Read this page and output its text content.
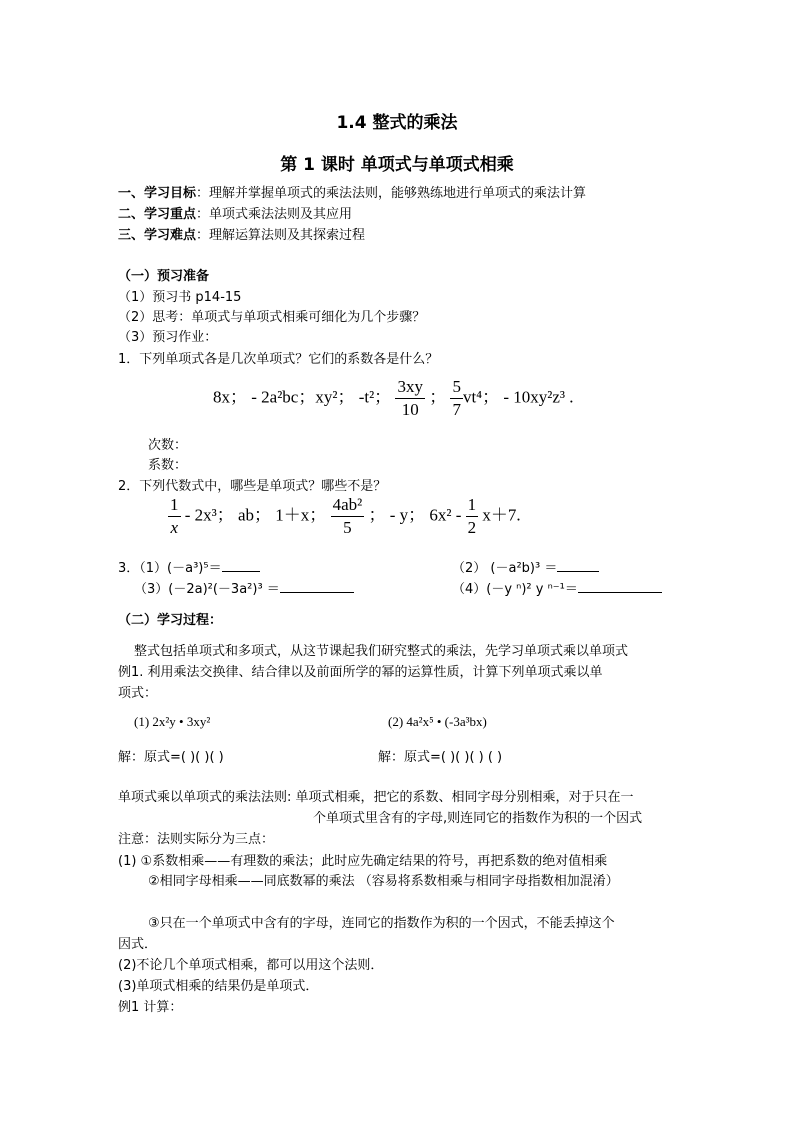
1.4 整式的乘法
第 1 课时 单项式与单项式相乘
一、学习目标：理解并掌握单项式的乘法法则，能够熟练地进行单项式的乘法计算
二、学习重点：单项式乘法法则及其应用
三、学习难点：理解运算法则及其探索过程
（一）预习准备
（1）预习书 p14-15
（2）思考：单项式与单项式相乘可细化为几个步骤？
（3）预习作业：
1．下列单项式各是几次单项式？它们的系数各是什么？
8x； - 2a²bc；xy²； -t²； $\frac{3xy}{10}$ ； $\frac{5}{7} vt^4$； - 10xy²z³ .
次数：
系数：
2．下列代数式中，哪些是单项式？哪些不是？
$\frac{1}{x} - 2x^3$； ab； 1＋x； $\frac{\text{4ab²}}{5}$ ； - y； $6x^2 - \frac{1}{2} x+7$.
3．（1）(－a³)⁵＝	（2） (－a²b)³ ＝
（3）(－2a)²(－3a²)³ ＝	（4）(－y ⁿ)² y ⁿ⁻¹＝
（二）学习过程：
整式包括单项式和多项式，从这节课起我们研究整式的乘法，先学习单项式乘以单项式
例1. 利用乘法交换律、结合律以及前面所学的幂的运算性质，计算下列单项式乘以单
项式：
(1) 2x²y • 3xy²	(2) 4a²x⁵ • (-3a³bx)
解：原式=( )( )( )	解：原式=( )( )( ) ( )
单项式乘以单项式的乘法法则: 单项式相乘，把它的系数、相同字母分别相乘，对于只在一
个单项式里含有的字母,则连同它的指数作为积的一个因式
注意：法则实际分为三点：
(1) ①系数相乘——有理数的乘法；此时应先确定结果的符号，再把系数的绝对值相乘
②相同字母相乘——同底数幂的乘法 （容易将系数相乘与相同字母指数相加混淆）
③只在一个单项式中含有的字母，连同它的指数作为积的一个因式，不能丢掉这个
因式．
(2)不论几个单项式相乘，都可以用这个法则．
(3)单项式相乘的结果仍是单项式．
例1 计算：
